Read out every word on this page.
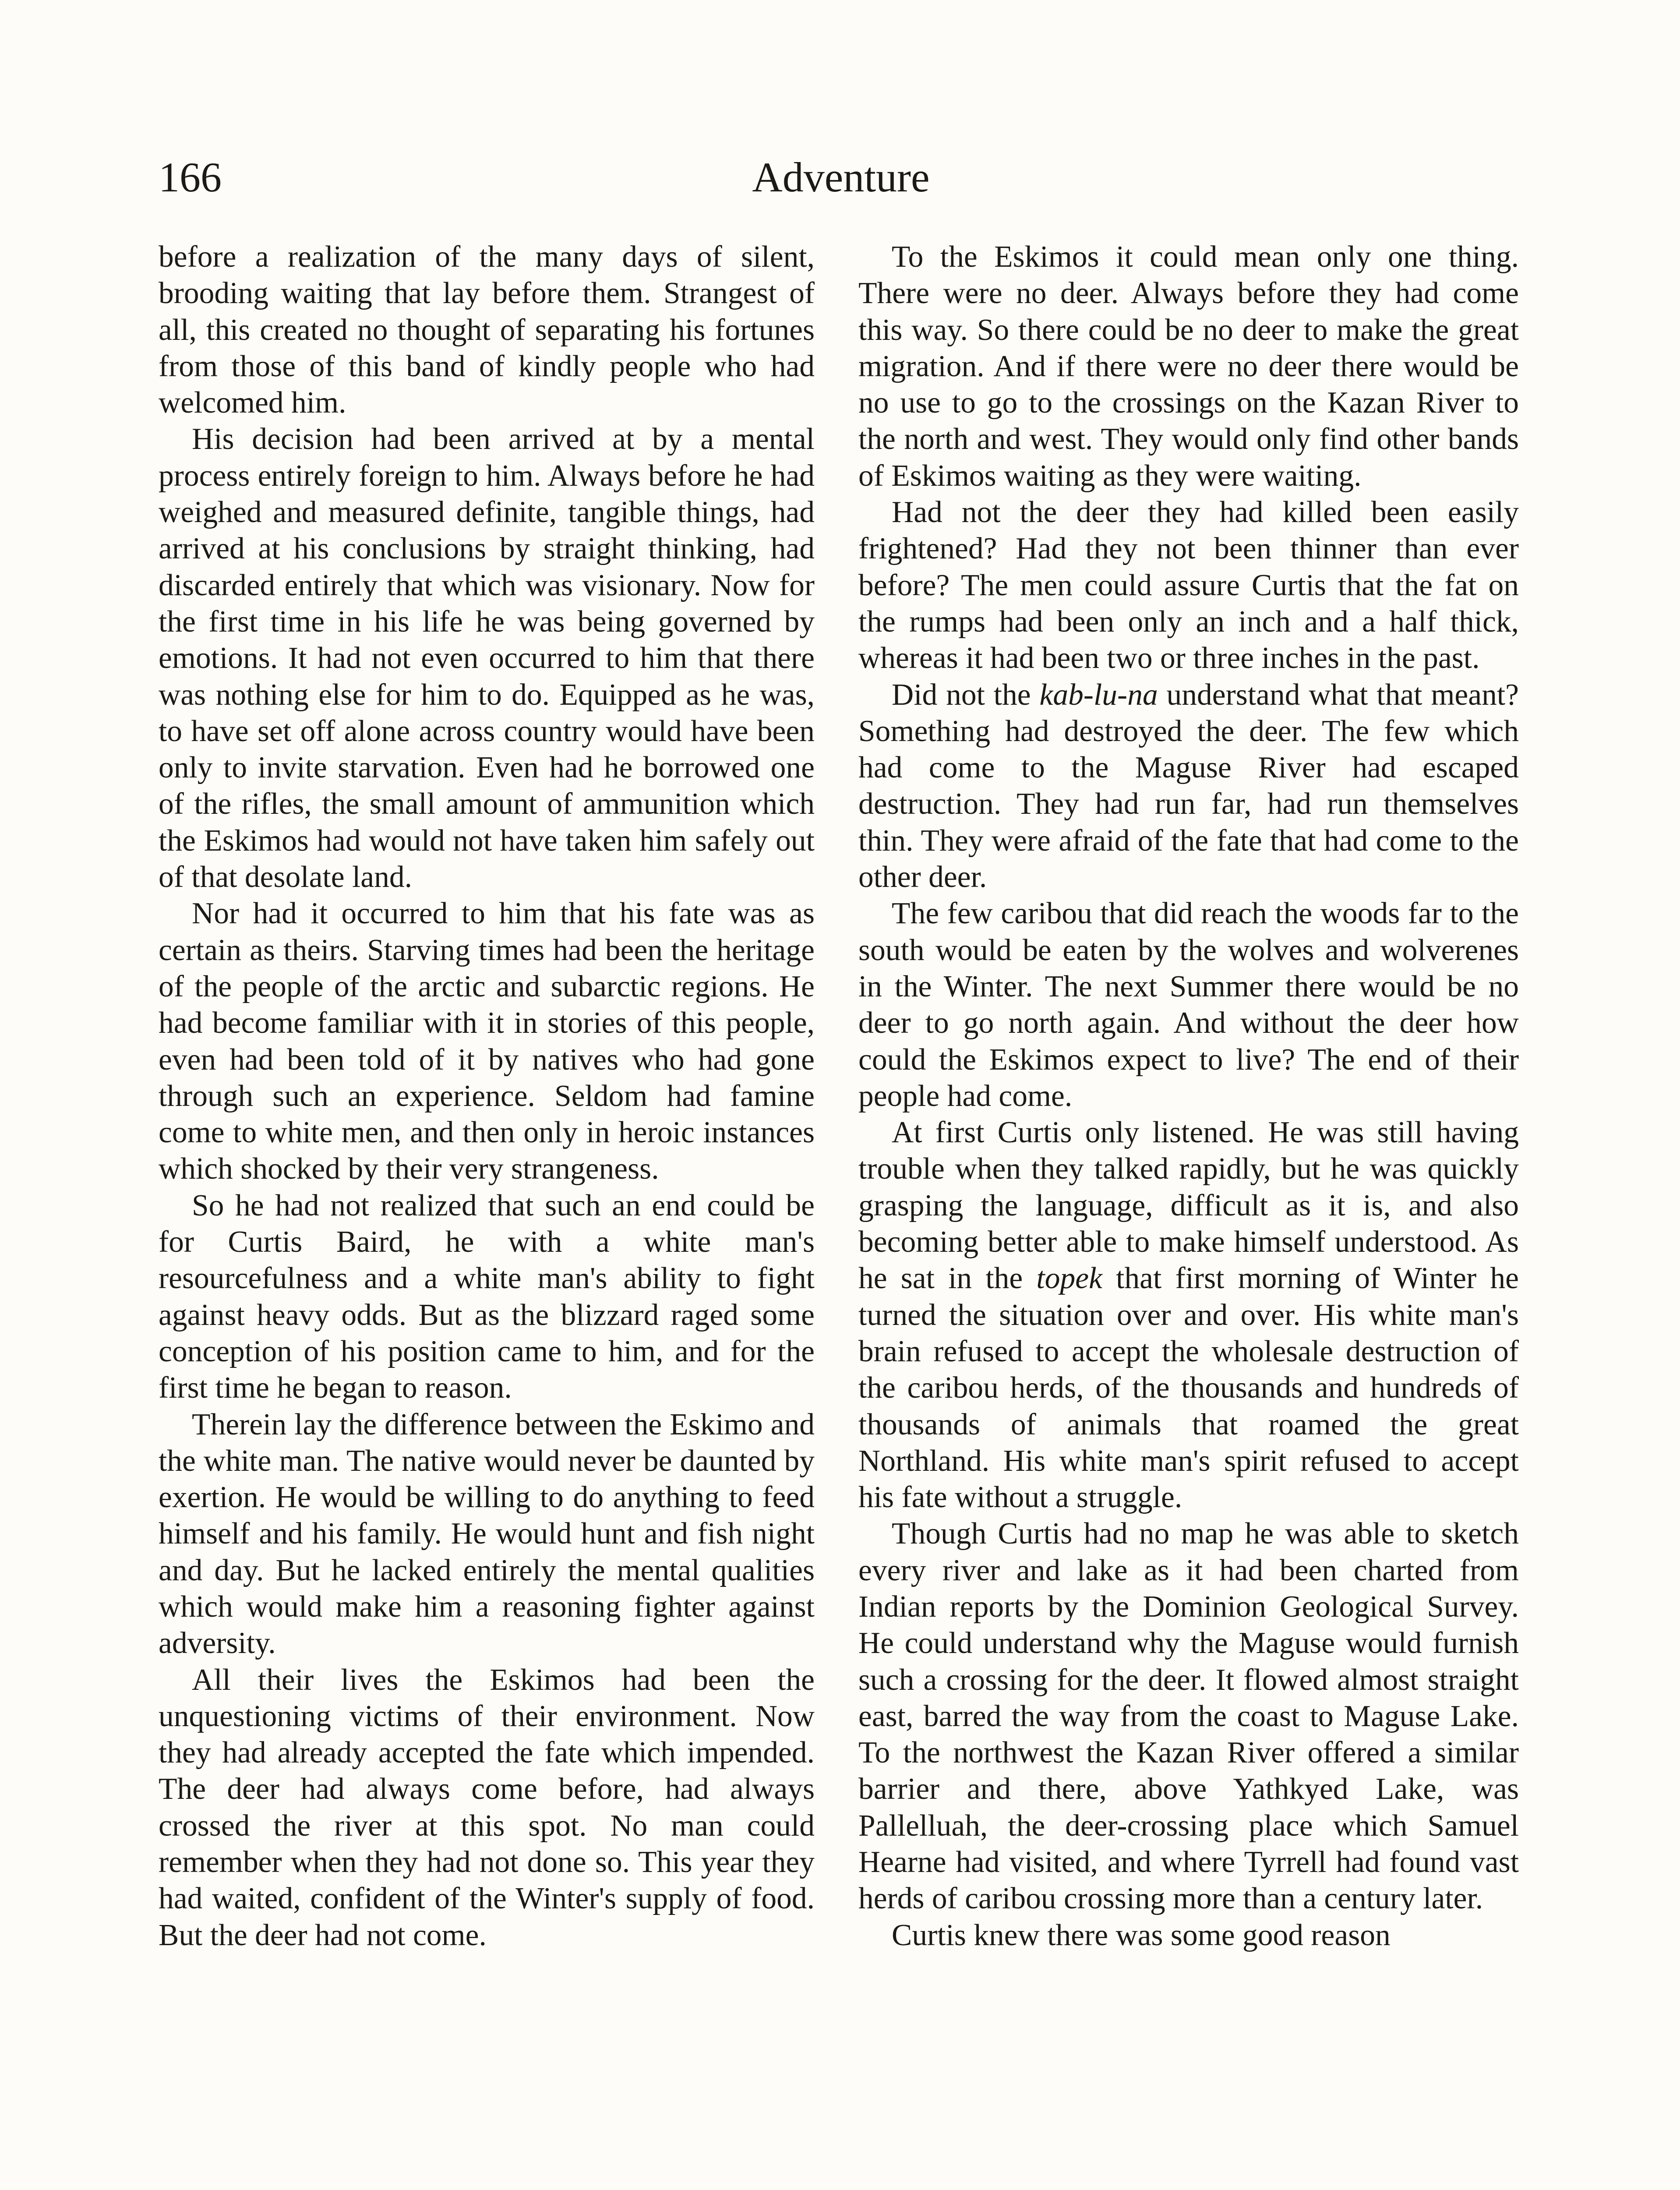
166	Adventure

before a realization of the many days of silent, brooding waiting that lay before them. Strangest of all, this created no thought of separating his fortunes from those of this band of kindly people who had welcomed him.

His decision had been arrived at by a mental process entirely foreign to him. Always before he had weighed and measured definite, tangible things, had arrived at his conclusions by straight thinking, had discarded entirely that which was visionary. Now for the first time in his life he was being governed by emotions. It had not even occurred to him that there was nothing else for him to do. Equipped as he was, to have set off alone across country would have been only to invite starvation. Even had he borrowed one of the rifles, the small amount of ammunition which the Eskimos had would not have taken him safely out of that desolate land.

Nor had it occurred to him that his fate was as certain as theirs. Starving times had been the heritage of the people of the arctic and subarctic regions. He had become familiar with it in stories of this people, even had been told of it by natives who had gone through such an experience. Seldom had famine come to white men, and then only in heroic instances which shocked by their very strangeness.

So he had not realized that such an end could be for Curtis Baird, he with a white man's resourcefulness and a white man's ability to fight against heavy odds. But as the blizzard raged some conception of his position came to him, and for the first time he began to reason.

Therein lay the difference between the Eskimo and the white man. The native would never be daunted by exertion. He would be willing to do anything to feed himself and his family. He would hunt and fish night and day. But he lacked entirely the mental qualities which would make him a reasoning fighter against adversity.

All their lives the Eskimos had been the unquestioning victims of their environment. Now they had already accepted the fate which impended. The deer had always come before, had always crossed the river at this spot. No man could remember when they had not done so. This year they had waited, confident of the Winter's supply of food. But the deer had not come.

To the Eskimos it could mean only one thing. There were no deer. Always before they had come this way. So there could be no deer to make the great migration. And if there were no deer there would be no use to go to the crossings on the Kazan River to the north and west. They would only find other bands of Eskimos waiting as they were waiting.

Had not the deer they had killed been easily frightened? Had they not been thinner than ever before? The men could assure Curtis that the fat on the rumps had been only an inch and a half thick, whereas it had been two or three inches in the past.

Did not the kab-lu-na understand what that meant? Something had destroyed the deer. The few which had come to the Maguse River had escaped destruction. They had run far, had run themselves thin. They were afraid of the fate that had come to the other deer.

The few caribou that did reach the woods far to the south would be eaten by the wolves and wolverenes in the Winter. The next Summer there would be no deer to go north again. And without the deer how could the Eskimos expect to live? The end of their people had come.

At first Curtis only listened. He was still having trouble when they talked rapidly, but he was quickly grasping the language, difficult as it is, and also becoming better able to make himself understood. As he sat in the topek that first morning of Winter he turned the situation over and over. His white man's brain refused to accept the wholesale destruction of the caribou herds, of the thousands and hundreds of thousands of animals that roamed the great Northland. His white man's spirit refused to accept his fate without a struggle.

Though Curtis had no map he was able to sketch every river and lake as it had been charted from Indian reports by the Dominion Geological Survey. He could understand why the Maguse would furnish such a crossing for the deer. It flowed almost straight east, barred the way from the coast to Maguse Lake. To the northwest the Kazan River offered a similar barrier and there, above Yathkyed Lake, was Pallelluah, the deer-crossing place which Samuel Hearne had visited, and where Tyrrell had found vast herds of caribou crossing more than a century later.

Curtis knew there was some good reason
